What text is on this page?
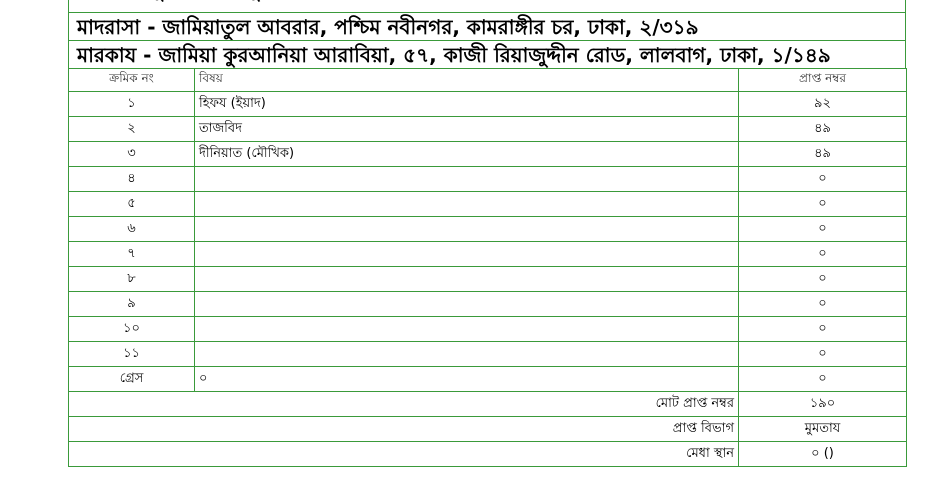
মাদরাসা - জামিয়াতুল আবরার, পশ্চিম নবীনগর, কামরাঙ্গীর চর, ঢাকা, ২/৩১৯
মারকায - জামিয়া কুরআনিয়া আরাবিয়া, ৫৭, কাজী রিয়াজুদ্দীন রোড, লালবাগ, ঢাকা, ১/১৪৯
ক্রমিক নং	বিষয়	প্রাপ্ত নম্বর
১	হিফয (ইয়াদ)	৯২
২	তাজবিদ	৪৯
৩	দীনিয়াত (মৌখিক)	৪৯
৪		০
৫		০
৬		০
৭		০
৮		০
৯		০
১০		০
১১		০
গ্রেস	০	০
মোট প্রাপ্ত নম্বর		১৯০
প্রাপ্ত বিভাগ		মুমতায
মেধা স্থান		০ ()
